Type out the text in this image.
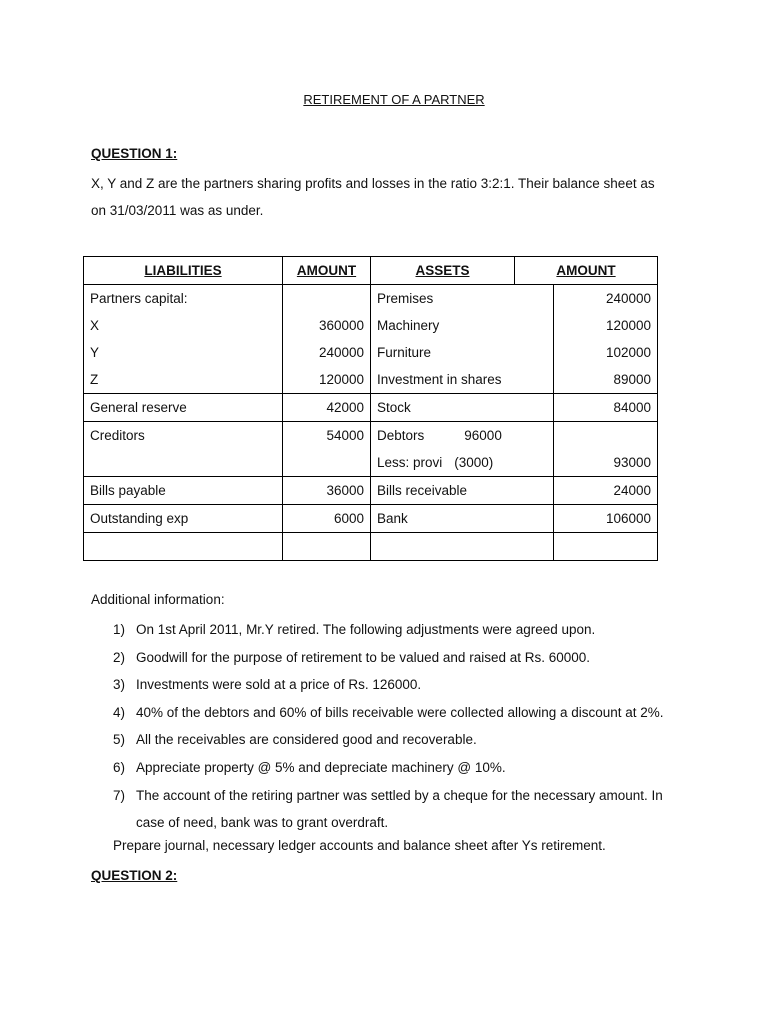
RETIREMENT OF A PARTNER
QUESTION 1:
X, Y and Z are the partners sharing profits and losses in the ratio 3:2:1. Their balance sheet as
on 31/03/2011 was as under.
LIABILITIES	AMOUNT	ASSETS	AMOUNT	
Partners capital:		Premises		240000
X	360000	Machinery		120000
Y	240000	Furniture		102000
Z	120000	Investment in shares		89000
General reserve	42000	Stock		84000
Creditors	54000	Debtors 96000		
		Less: provi (3000)		93000
Bills payable	36000	Bills receivable		24000
Outstanding exp	6000	Bank		106000

Additional information:
1) On 1st April 2011, Mr.Y retired. The following adjustments were agreed upon.
2) Goodwill for the purpose of retirement to be valued and raised at Rs. 60000.
3) Investments were sold at a price of Rs. 126000.
4) 40% of the debtors and 60% of bills receivable were collected allowing a discount at 2%.
5) All the receivables are considered good and recoverable.
6) Appreciate property @ 5% and depreciate machinery @ 10%.
7) The account of the retiring partner was settled by a cheque for the necessary amount. In case of need, bank was to grant overdraft.
Prepare journal, necessary ledger accounts and balance sheet after Ys retirement.
QUESTION 2:
